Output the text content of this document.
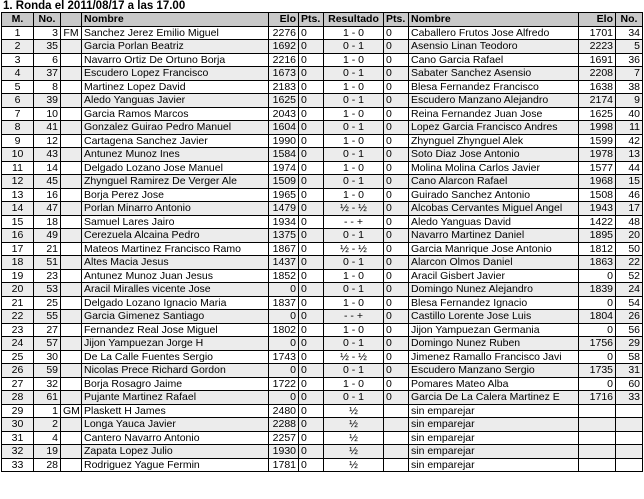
1. Ronda el 2011/08/17 a las 17.00
M.	No.		Nombre	Elo	Pts.	Resultado	Pts.	Nombre	Elo	No.
1	3	FM	Sanchez Jerez Emilio Miguel	2276	0	1 - 0	0	Caballero Frutos Jose Alfredo	1701	34
2	35		Garcia Porlan Beatriz	1692	0	0 - 1	0	Asensio Linan Teodoro	2223	5
3	6		Navarro Ortiz De Ortuno Borja	2216	0	1 - 0	0	Cano Garcia Rafael	1691	36
4	37		Escudero Lopez Francisco	1673	0	0 - 1	0	Sabater Sanchez Asensio	2208	7
5	8		Martinez Lopez David	2183	0	1 - 0	0	Blesa Fernandez Francisco	1638	38
6	39		Aledo Yanguas Javier	1625	0	0 - 1	0	Escudero Manzano Alejandro	2174	9
7	10		Garcia Ramos Marcos	2043	0	1 - 0	0	Reina Fernandez Juan Jose	1625	40
8	41		Gonzalez Guirao Pedro Manuel	1604	0	0 - 1	0	Lopez Garcia Francisco Andres	1998	11
9	12		Cartagena Sanchez Javier	1990	0	1 - 0	0	Zhynguel Zhynguel Alek	1599	42
10	43		Antunez Munoz Ines	1584	0	0 - 1	0	Soto Diaz Jose Antonio	1978	13
11	14		Delgado Lozano Jose Manuel	1974	0	1 - 0	0	Molina Molina Carlos Javier	1577	44
12	45		Zhynguel Ramirez De Verger Ale	1509	0	0 - 1	0	Cano Alarcon Rafael	1968	15
13	16		Borja Perez Jose	1965	0	1 - 0	0	Guirado Sanchez Antonio	1508	46
14	47		Porlan Minarro Antonio	1479	0	½ - ½	0	Alcobas Cervantes Miguel Angel	1943	17
15	18		Samuel Lares Jairo	1934	0	- - +	0	Aledo Yanguas David	1422	48
16	49		Cerezuela Alcaina Pedro	1375	0	0 - 1	0	Navarro Martinez Daniel	1895	20
17	21		Mateos Martinez Francisco Ramo	1867	0	½ - ½	0	Garcia Manrique Jose Antonio	1812	50
18	51		Altes Macia Jesus	1437	0	0 - 1	0	Alarcon Olmos Daniel	1863	22
19	23		Antunez Munoz Juan Jesus	1852	0	1 - 0	0	Aracil Gisbert Javier	0	52
20	53		Aracil Miralles vicente Jose	0	0	0 - 1	0	Domingo Nunez Alejandro	1839	24
21	25		Delgado Lozano Ignacio Maria	1837	0	1 - 0	0	Blesa Fernandez Ignacio	0	54
22	55		Garcia Gimenez Santiago	0	0	- - +	0	Castillo Lorente Jose Luis	1804	26
23	27		Fernandez Real Jose Miguel	1802	0	1 - 0	0	Jijon Yampuezan Germania	0	56
24	57		Jijon Yampuezan Jorge H	0	0	0 - 1	0	Domingo Nunez Ruben	1756	29
25	30		De La Calle Fuentes Sergio	1743	0	½ - ½	0	Jimenez Ramallo Francisco Javi	0	58
26	59		Nicolas Prece Richard Gordon	0	0	0 - 1	0	Escudero Manzano Sergio	1735	31
27	32		Borja Rosagro Jaime	1722	0	1 - 0	0	Pomares Mateo Alba	0	60
28	61		Pujante Martinez Rafael	0	0	0 - 1	0	Garcia De La Calera Martinez E	1716	33
29	1	GM	Plaskett H James	2480	0	½		sin emparejar		
30	2		Longa Yauca Javier	2288	0	½		sin emparejar		
31	4		Cantero Navarro Antonio	2257	0	½		sin emparejar		
32	19		Zapata Lopez Julio	1930	0	½		sin emparejar		
33	28		Rodriguez Yague Fermin	1781	0	½		sin emparejar		
